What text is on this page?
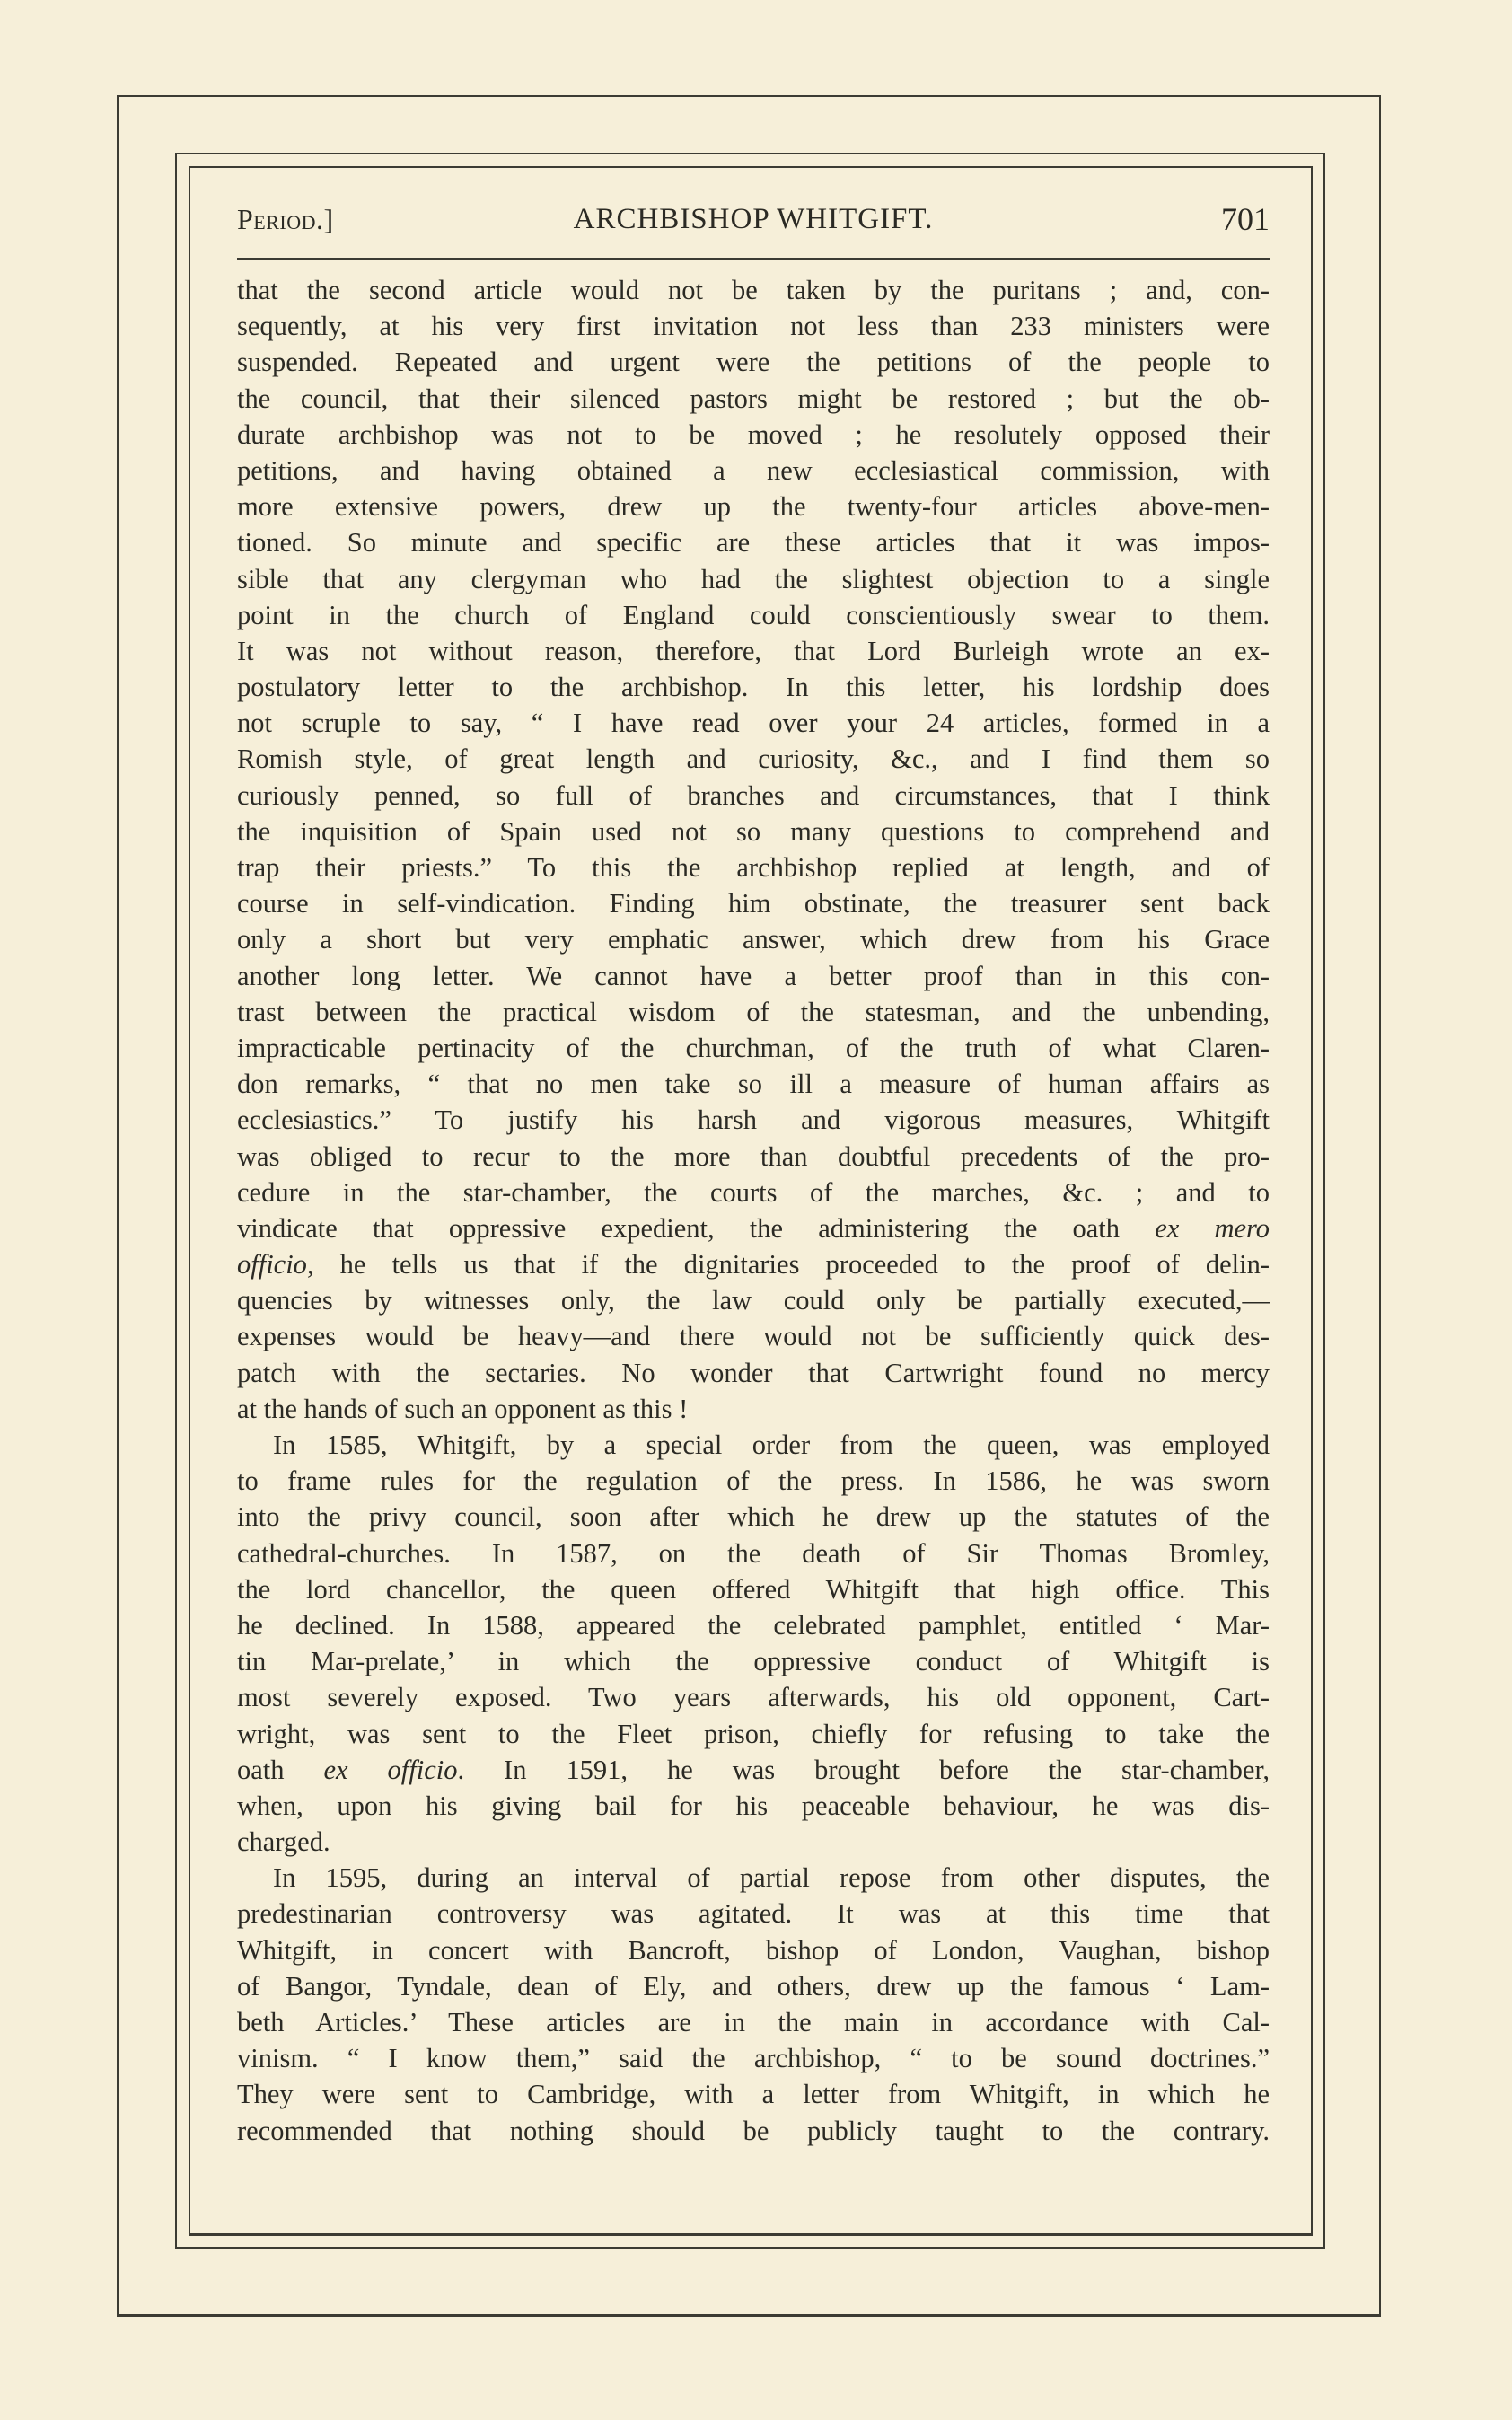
Period.]	ARCHBISHOP WHITGIFT.	701
that the second article would not be taken by the puritans ; and, con-
sequently, at his very first invitation not less than 233 ministers were
suspended. Repeated and urgent were the petitions of the people to
the council, that their silenced pastors might be restored ; but the ob-
durate archbishop was not to be moved ; he resolutely opposed their
petitions, and having obtained a new ecclesiastical commission, with
more extensive powers, drew up the twenty-four articles above-men-
tioned. So minute and specific are these articles that it was impos-
sible that any clergyman who had the slightest objection to a single
point in the church of England could conscientiously swear to them.
It was not without reason, therefore, that Lord Burleigh wrote an ex-
postulatory letter to the archbishop. In this letter, his lordship does
not scruple to say, “ I have read over your 24 articles, formed in a
Romish style, of great length and curiosity, &c., and I find them so
curiously penned, so full of branches and circumstances, that I think
the inquisition of Spain used not so many questions to comprehend and
trap their priests.” To this the archbishop replied at length, and of
course in self-vindication. Finding him obstinate, the treasurer sent back
only a short but very emphatic answer, which drew from his Grace
another long letter. We cannot have a better proof than in this con-
trast between the practical wisdom of the statesman, and the unbending,
impracticable pertinacity of the churchman, of the truth of what Claren-
don remarks, “ that no men take so ill a measure of human affairs as
ecclesiastics.” To justify his harsh and vigorous measures, Whitgift
was obliged to recur to the more than doubtful precedents of the pro-
cedure in the star-chamber, the courts of the marches, &c. ; and to
vindicate that oppressive expedient, the administering the oath ex mero
officio, he tells us that if the dignitaries proceeded to the proof of delin-
quencies by witnesses only, the law could only be partially executed,—
expenses would be heavy—and there would not be sufficiently quick des-
patch with the sectaries. No wonder that Cartwright found no mercy
at the hands of such an opponent as this !
In 1585, Whitgift, by a special order from the queen, was employed
to frame rules for the regulation of the press. In 1586, he was sworn
into the privy council, soon after which he drew up the statutes of the
cathedral-churches. In 1587, on the death of Sir Thomas Bromley,
the lord chancellor, the queen offered Whitgift that high office. This
he declined. In 1588, appeared the celebrated pamphlet, entitled ‘ Mar-
tin Mar-prelate,’ in which the oppressive conduct of Whitgift is
most severely exposed. Two years afterwards, his old opponent, Cart-
wright, was sent to the Fleet prison, chiefly for refusing to take the
oath ex officio. In 1591, he was brought before the star-chamber,
when, upon his giving bail for his peaceable behaviour, he was dis-
charged.
In 1595, during an interval of partial repose from other disputes, the
predestinarian controversy was agitated. It was at this time that
Whitgift, in concert with Bancroft, bishop of London, Vaughan, bishop
of Bangor, Tyndale, dean of Ely, and others, drew up the famous ‘ Lam-
beth Articles.’ These articles are in the main in accordance with Cal-
vinism. “ I know them,” said the archbishop, “ to be sound doctrines.”
They were sent to Cambridge, with a letter from Whitgift, in which he
recommended that nothing should be publicly taught to the contrary.
